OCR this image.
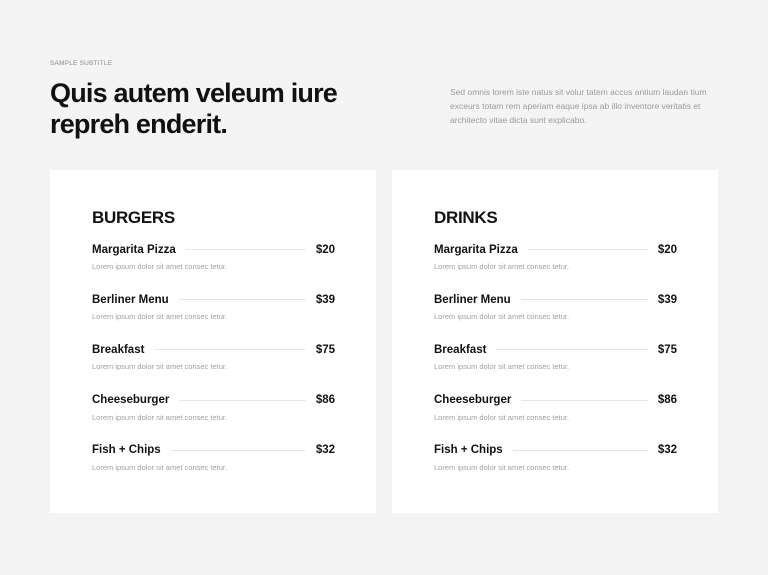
SAMPLE SUBTITLE
Quis autem veleum iure repreh enderit.

Sed omnis lorem iste natus sit volur tatem accus antium laudan tium exceurs totam rem aperiam eaque ipsa ab illo inventore veritatis et architecto vitae dicta sunt explicabo.

BURGERS
Margarita Pizza	$20
Lorem ipsum dolor sit amet consec tetur.
Berliner Menu	$39
Lorem ipsum dolor sit amet consec tetur.
Breakfast	$75
Lorem ipsum dolor sit amet consec tetur.
Cheeseburger	$86
Lorem ipsum dolor sit amet consec tetur.
Fish + Chips	$32
Lorem ipsum dolor sit amet consec tetur.
DRINKS
Margarita Pizza	$20
Lorem ipsum dolor sit amet consec tetur.
Berliner Menu	$39
Lorem ipsum dolor sit amet consec tetur.
Breakfast	$75
Lorem ipsum dolor sit amet consec tetur.
Cheeseburger	$86
Lorem ipsum dolor sit amet consec tetur.
Fish + Chips	$32
Lorem ipsum dolor sit amet consec tetur.
